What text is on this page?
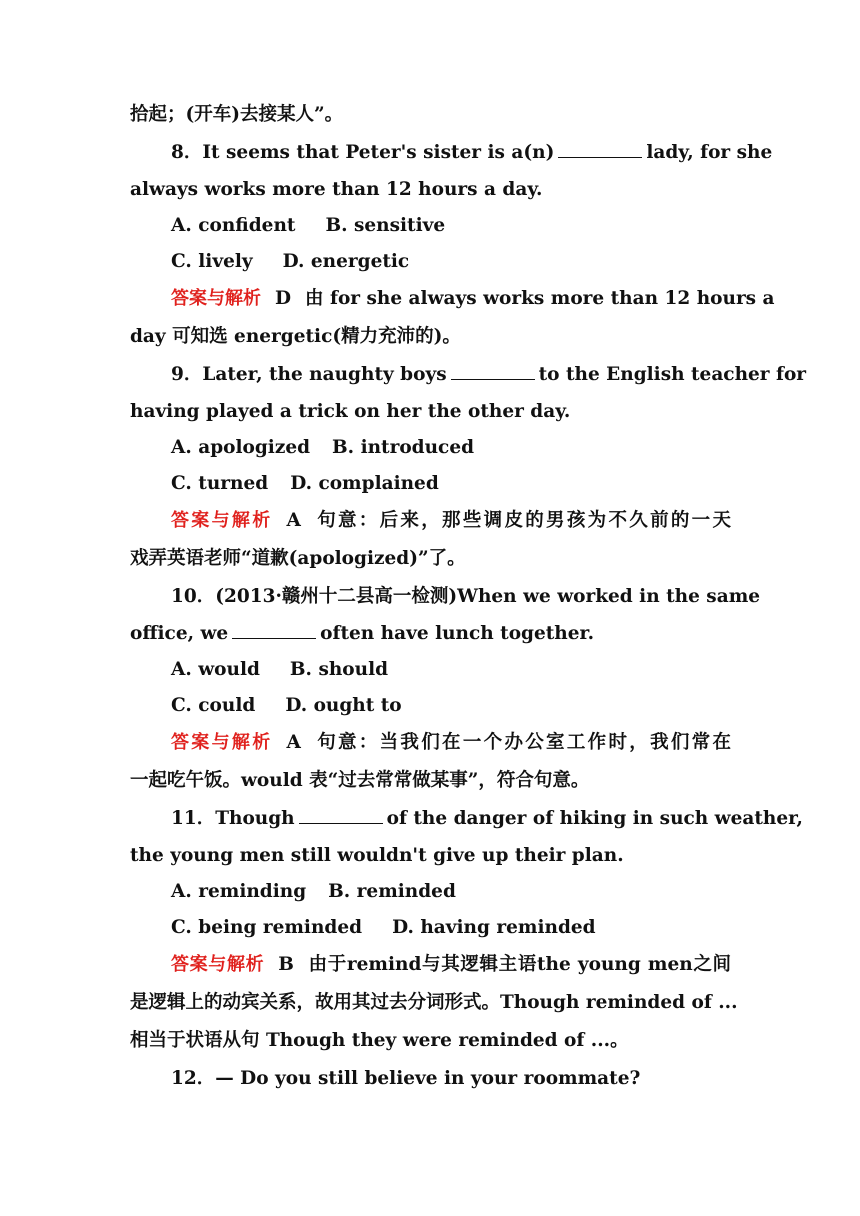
拾起；(开车)去接某人”。
8．It seems that Peter's sister is a(n)	lady, for she
always works more than 12 hours a day.
A. confident B. sensitive
C. lively D. energetic
答案与解析 D 由 for she always works more than 12 hours a
day 可知选 energetic(精力充沛的)。
9．Later, the naughty boys	to the English teacher for
having played a trick on her the other day.
A. apologized B. introduced
C. turned D. complained
答案与解析 A 句意：后来，那些调皮的男孩为不久前的一天
戏弄英语老师“道歉(apologized)”了。
10．(2013·赣州十二县高一检测)When we worked in the same
office, we	often have lunch together.
A. would B. should
C. could D. ought to
答案与解析 A 句意：当我们在一个办公室工作时，我们常在
一起吃午饭。would 表“过去常常做某事”，符合句意。
11．Though	of the danger of hiking in such weather,
the young men still wouldn't give up their plan.
A. reminding B. reminded
C. being reminded D. having reminded
答案与解析 B 由于remind与其逻辑主语the young men之间
是逻辑上的动宾关系，故用其过去分词形式。Though reminded of ...
相当于状语从句 Though they were reminded of ...。
12．— Do you still believe in your roommate?
